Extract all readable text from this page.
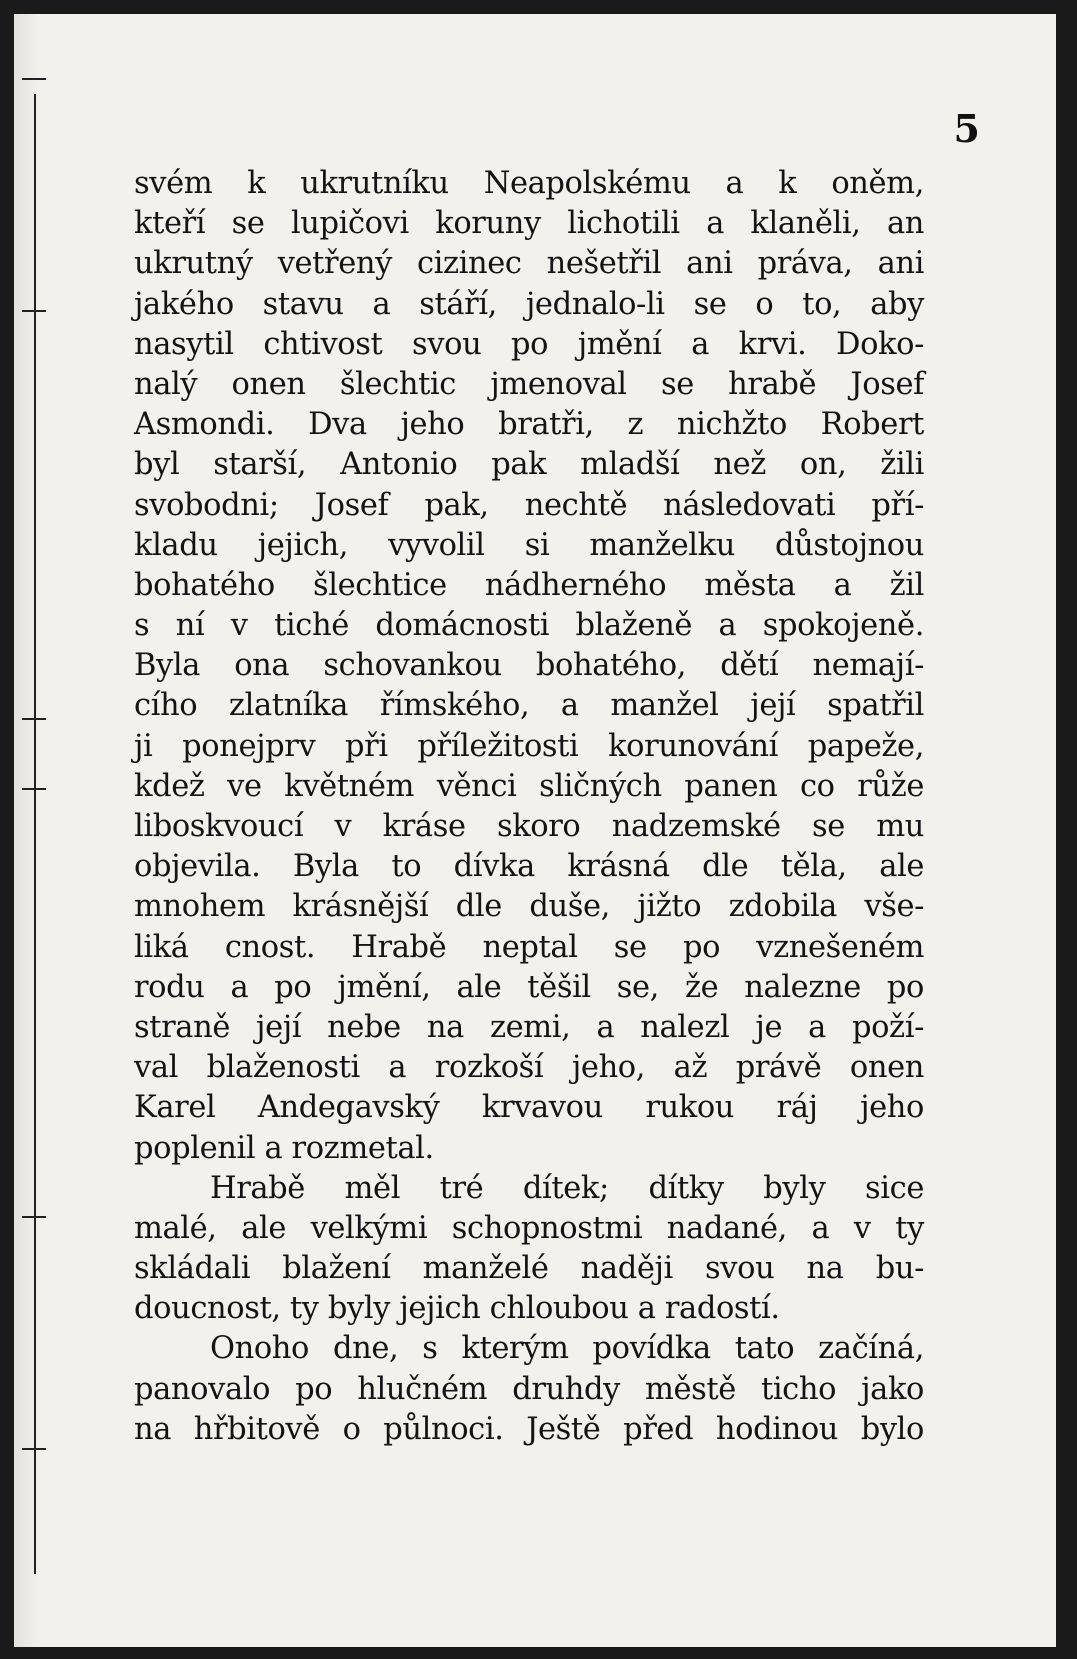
5
svém k ukrutníku Neapolskému a k oněm,
kteří se lupičovi koruny lichotili a klaněli, an
ukrutný vetřený cizinec nešetřil ani práva, ani
jakého stavu a stáří, jednalo-li se o to, aby
nasytil chtivost svou po jmění a krvi. Doko-
nalý onen šlechtic jmenoval se hrabě Josef
Asmondi. Dva jeho bratři, z nichžto Robert
byl starší, Antonio pak mladší než on, žili
svobodni; Josef pak, nechtě následovati pří-
kladu jejich, vyvolil si manželku důstojnou
bohatého šlechtice nádherného města a žil
s ní v tiché domácnosti blaženě a spokojeně.
Byla ona schovankou bohatého, dětí nemají-
cího zlatníka římského, a manžel její spatřil
ji ponejprv při příležitosti korunování papeže,
kdež ve květném věnci sličných panen co růže
liboskvoucí v kráse skoro nadzemské se mu
objevila. Byla to dívka krásná dle těla, ale
mnohem krásnější dle duše, jižto zdobila vše-
liká cnost. Hrabě neptal se po vznešeném
rodu a po jmění, ale těšil se, že nalezne po
straně její nebe na zemi, a nalezl je a poží-
val blaženosti a rozkoší jeho, až právě onen
Karel Andegavský krvavou rukou ráj jeho
poplenil a rozmetal.
Hrabě měl tré dítek; dítky byly sice
malé, ale velkými schopnostmi nadané, a v ty
skládali blažení manželé naději svou na bu-
doucnost, ty byly jejich chloubou a radostí.
Onoho dne, s kterým povídka tato začíná,
panovalo po hlučném druhdy městě ticho jako
na hřbitově o půlnoci. Ještě před hodinou bylo
